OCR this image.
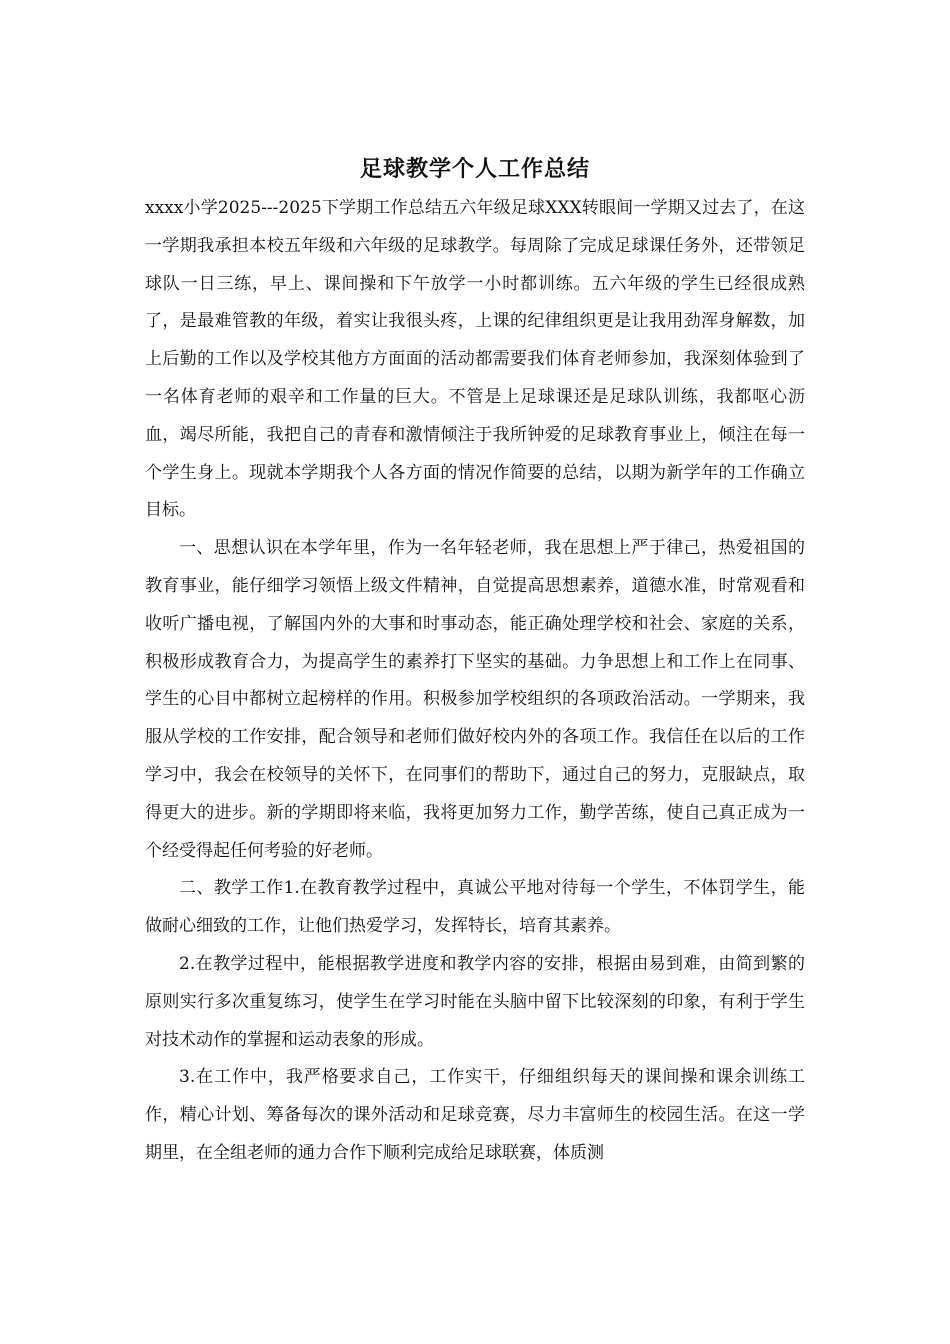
足球教学个人工作总结

xxxx小学2025---2025下学期工作总结五六年级足球XXX转眼间一学期又过去了，在这一学期我承担本校五年级和六年级的足球教学。每周除了完成足球课任务外，还带领足球队一日三练，早上、课间操和下午放学一小时都训练。五六年级的学生已经很成熟了，是最难管教的年级，着实让我很头疼，上课的纪律组织更是让我用劲浑身解数，加上后勤的工作以及学校其他方方面面的活动都需要我们体育老师参加，我深刻体验到了一名体育老师的艰辛和工作量的巨大。不管是上足球课还是足球队训练，我都呕心沥血，竭尽所能，我把自己的青春和激情倾注于我所钟爱的足球教育事业上，倾注在每一个学生身上。现就本学期我个人各方面的情况作简要的总结，以期为新学年的工作确立目标。

一、思想认识在本学年里，作为一名年轻老师，我在思想上严于律己，热爱祖国的教育事业，能仔细学习领悟上级文件精神，自觉提高思想素养，道德水准，时常观看和收听广播电视，了解国内外的大事和时事动态，能正确处理学校和社会、家庭的关系，积极形成教育合力，为提高学生的素养打下坚实的基础。力争思想上和工作上在同事、学生的心目中都树立起榜样的作用。积极参加学校组织的各项政治活动。一学期来，我服从学校的工作安排，配合领导和老师们做好校内外的各项工作。我信任在以后的工作学习中，我会在校领导的关怀下，在同事们的帮助下，通过自己的努力，克服缺点，取得更大的进步。新的学期即将来临，我将更加努力工作，勤学苦练，使自己真正成为一个经受得起任何考验的好老师。

二、教学工作1.在教育教学过程中，真诚公平地对待每一个学生，不体罚学生，能做耐心细致的工作，让他们热爱学习，发挥特长，培育其素养。

2.在教学过程中，能根据教学进度和教学内容的安排，根据由易到难，由简到繁的原则实行多次重复练习，使学生在学习时能在头脑中留下比较深刻的印象，有利于学生对技术动作的掌握和运动表象的形成。

3.在工作中，我严格要求自己，工作实干，仔细组织每天的课间操和课余训练工作，精心计划、筹备每次的课外活动和足球竞赛，尽力丰富师生的校园生活。在这一学期里，在全组老师的通力合作下顺利完成给足球联赛，体质测
